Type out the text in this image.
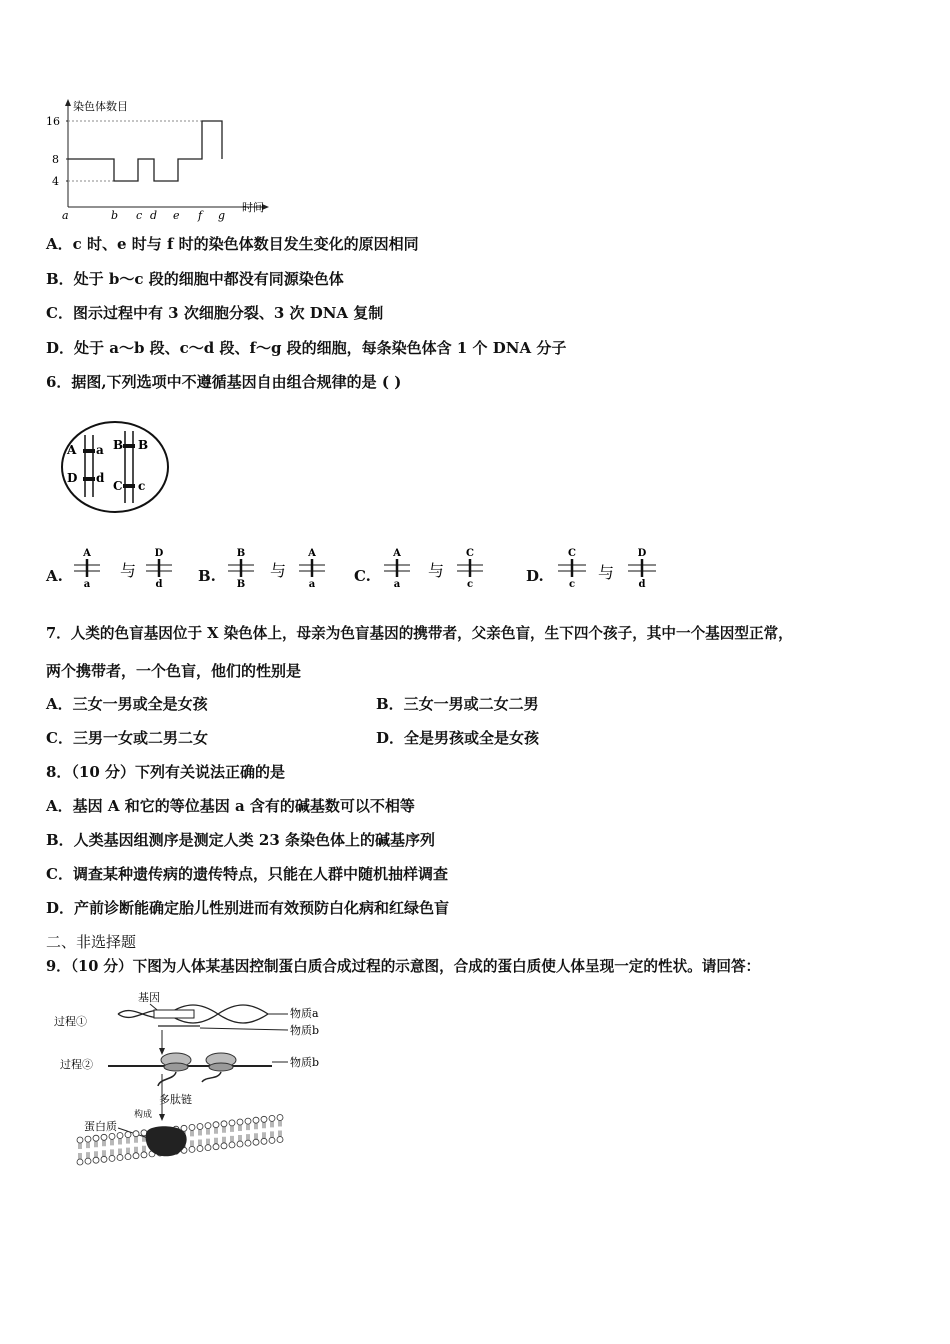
染色体数目
时间
16
8
4
a	b c d e f g
A．c 时、e 时与 f 时的染色体数目发生变化的原因相同
B．处于 b～c 段的细胞中都没有同源染色体
C．图示过程中有 3 次细胞分裂、3 次 DNA 复制
D．处于 a～b 段、c～d 段、f～g 段的细胞，每条染色体含 1 个 DNA 分子
6．据图,下列选项中不遵循基因自由组合规律的是 ( )
A a
D d
B B
C c
A.
A
a
与
D
d B.
B
B
与
A
a	C.
A
a
与
C
c	D.
C
c
与
D
d
7．人类的色盲基因位于 X 染色体上，母亲为色盲基因的携带者，父亲色盲，生下四个孩子，其中一个基因型正常，
两个携带者，一个色盲，他们的性别是
A．三女一男或全是女孩	B．三女一男或二女二男
C．三男一女或二男二女	D．全是男孩或全是女孩
8．（10 分）下列有关说法正确的是
A．基因 A 和它的等位基因 a 含有的碱基数可以不相等
B．人类基因组测序是测定人类 23 条染色体上的碱基序列
C．调查某种遗传病的遗传特点，只能在人群中随机抽样调查
D．产前诊断能确定胎儿性别进而有效预防白化病和红绿色盲
二、非选择题
9．（10 分）下图为人体某基因控制蛋白质合成过程的示意图，合成的蛋白质使人体呈现一定的性状。请回答：
基因
过程①
物质a
物质b
过程②	物质b
多肽链
构成
蛋白质
